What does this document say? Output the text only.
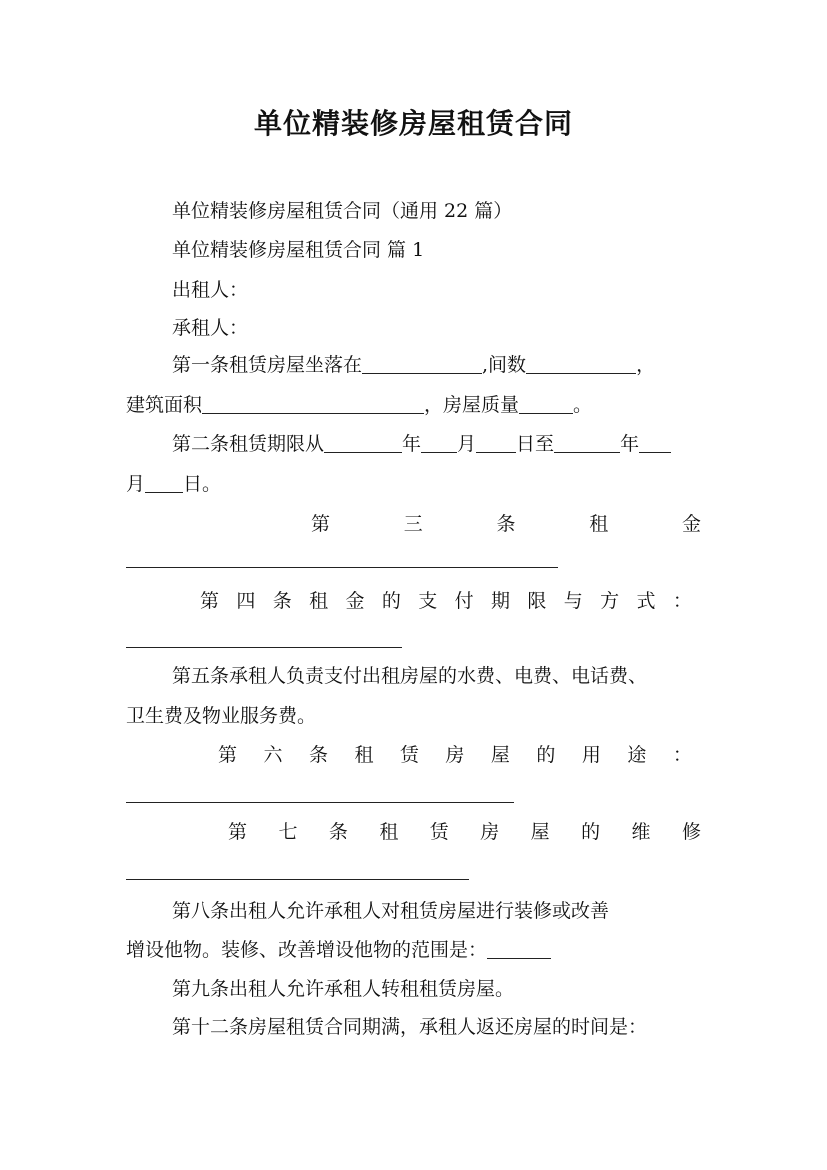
单位精装修房屋租赁合同
单位精装修房屋租赁合同（通用 22 篇）
单位精装修房屋租赁合同 篇 1
出租人：
承租人：
第一条租赁房屋坐落在	,间数	，
建筑面积	，房屋质量	。
第二条租赁期限从	年 月 日至	年
月 日。
第	三	条	租	金
第 四 条 租 金 的 支 付 期 限 与 方 式 ：
第五条承租人负责支付出租房屋的水费、电费、电话费、
卫生费及物业服务费。
第 六 条 租 赁 房 屋 的 用 途 ：
第 七 条 租 赁 房 屋 的 维 修
第八条出租人允许承租人对租赁房屋进行装修或改善
增设他物。装修、改善增设他物的范围是：
第九条出租人允许承租人转租租赁房屋。
第十二条房屋租赁合同期满，承租人返还房屋的时间是：
